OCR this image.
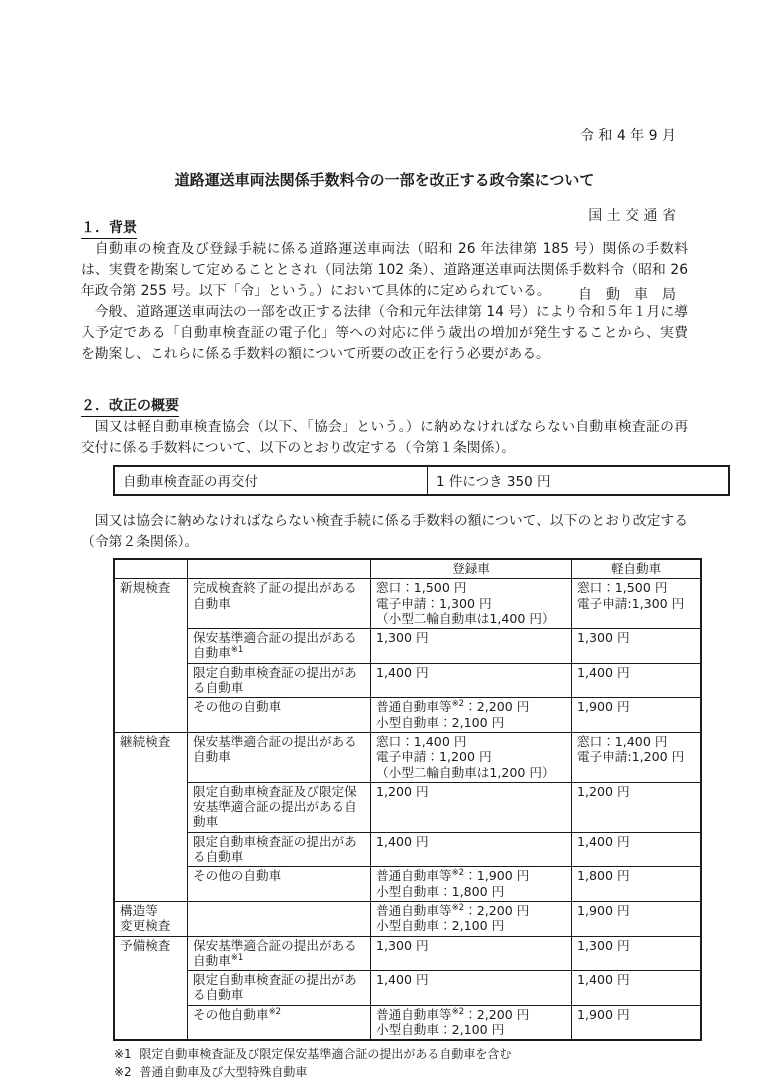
令 和 4 年 9 月

国 土 交 通 省

自　動　車　局

道路運送車両法関係手数料令の一部を改正する政令案について
１．背景

自動車の検査及び登録手続に係る道路運送車両法（昭和 26 年法律第 185 号）関係の手数料は、実費を勘案して定めることとされ（同法第 102 条）、道路運送車両法関係手数料令（昭和 26 年政令第 255 号。以下「令」という。）において具体的に定められている。

今般、道路運送車両法の一部を改正する法律（令和元年法律第 14 号）により令和５年１月に導入予定である「自動車検査証の電子化」等への対応に伴う歳出の増加が発生することから、実費を勘案し、これらに係る手数料の額について所要の改正を行う必要がある。

２．改正の概要

国又は軽自動車検査協会（以下、「協会」という。）に納めなければならない自動車検査証の再交付に係る手数料について、以下のとおり改定する（令第１条関係）。

自動車検査証の再交付	1 件につき 350 円

国又は協会に納めなければならない検査手続に係る手数料の額について、以下のとおり改定する（令第２条関係）。

		登録車	軽自動車
新規検査	完成検査終了証の提出がある自動車	窓口：1,500 円
電子申請：1,300 円
（小型二輪自動車は1,400 円）	窓口：1,500 円
電子申請:1,300 円
	保安基準適合証の提出がある自動車$^{※1}$	1,300 円	1,300 円
	限定自動車検査証の提出がある自動車	1,400 円	1,400 円
	その他の自動車	普通自動車等$^{※2}$：2,200 円
小型自動車：2,100 円	1,900 円
継続検査	保安基準適合証の提出がある自動車	窓口：1,400 円
電子申請：1,200 円
（小型二輪自動車は1,200 円）	窓口：1,400 円
電子申請:1,200 円
	限定自動車検査証及び限定保安基準適合証の提出がある自動車	1,200 円	1,200 円
	限定自動車検査証の提出がある自動車	1,400 円	1,400 円
	その他の自動車	普通自動車等$^{※2}$：1,900 円
小型自動車：1,800 円	1,800 円
構造等
変更検査		普通自動車等$^{※2}$：2,200 円
小型自動車：2,100 円	1,900 円
予備検査	保安基準適合証の提出がある自動車$^{※1}$	1,300 円	1,300 円
	限定自動車検査証の提出がある自動車	1,400 円	1,400 円
	その他自動車$^{※2}$	普通自動車等$^{※2}$：2,200 円
小型自動車：2,100 円	1,900 円
※1  限定自動車検査証及び限定保安基準適合証の提出がある自動車を含む
※2  普通自動車及び大型特殊自動車
